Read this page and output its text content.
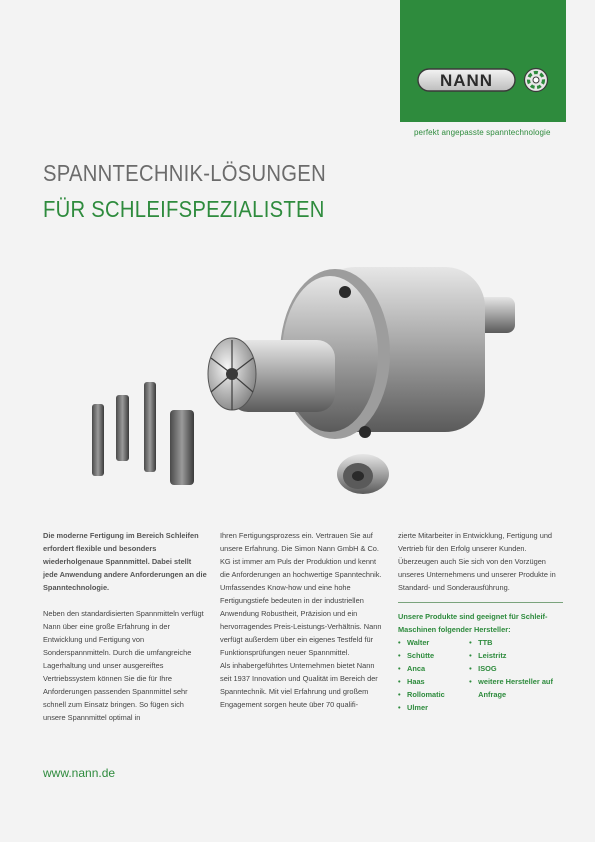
NANN
perfekt angepasste spanntechnologie
SPANNTECHNIK-LÖSUNGEN
FÜR SCHLEIFSPEZIALISTEN

Die moderne Fertigung im Bereich Schleifen erfordert flexible und besonders wiederholgenaue Spannmittel. Dabei stellt jede Anwendung andere Anforderungen an die Spanntechnologie.

Neben den standardisierten Spannmitteln verfügt Nann über eine große Erfahrung in der Entwicklung und Fertigung von Sonderspannmitteln. Durch die umfangreiche Lagerhaltung und unser ausgereiftes Vertriebssystem können Sie die für Ihre Anforderungen passenden Spannmittel sehr schnell zum Einsatz bringen. So fügen sich unsere Spannmittel optimal in

Ihren Fertigungsprozess ein. Vertrauen Sie auf unsere Erfahrung. Die Simon Nann GmbH & Co. KG ist immer am Puls der Produktion und kennt die Anforderungen an hochwertige Spanntechnik. Umfassendes Know-how und eine hohe Fertigungstiefe bedeuten in der industriellen Anwendung Robustheit, Präzision und ein hervorragendes Preis-Leistungs-Verhältnis. Nann verfügt außerdem über ein eigenes Testfeld für Funktionsprüfungen neuer Spannmittel.

Als inhabergeführtes Unternehmen bietet Nann seit 1937 Innovation und Qualität im Bereich der Spanntechnik. Mit viel Erfahrung und großem Engagement sorgen heute über 70 qualifi-

zierte Mitarbeiter in Entwicklung, Fertigung und Vertrieb für den Erfolg unserer Kunden. Überzeugen auch Sie sich von den Vorzügen unseres Unternehmens und unserer Produkte in Standard- und Sonderausführung.

Unsere Produkte sind geeignet für Schleif-Maschinen folgender Hersteller:

• Walter
• Schütte
• Anca
• Haas
• Rollomatic
• Ulmer
• TTB
• Leistritz
• ISOG
• weitere Hersteller auf Anfrage
www.nann.de
